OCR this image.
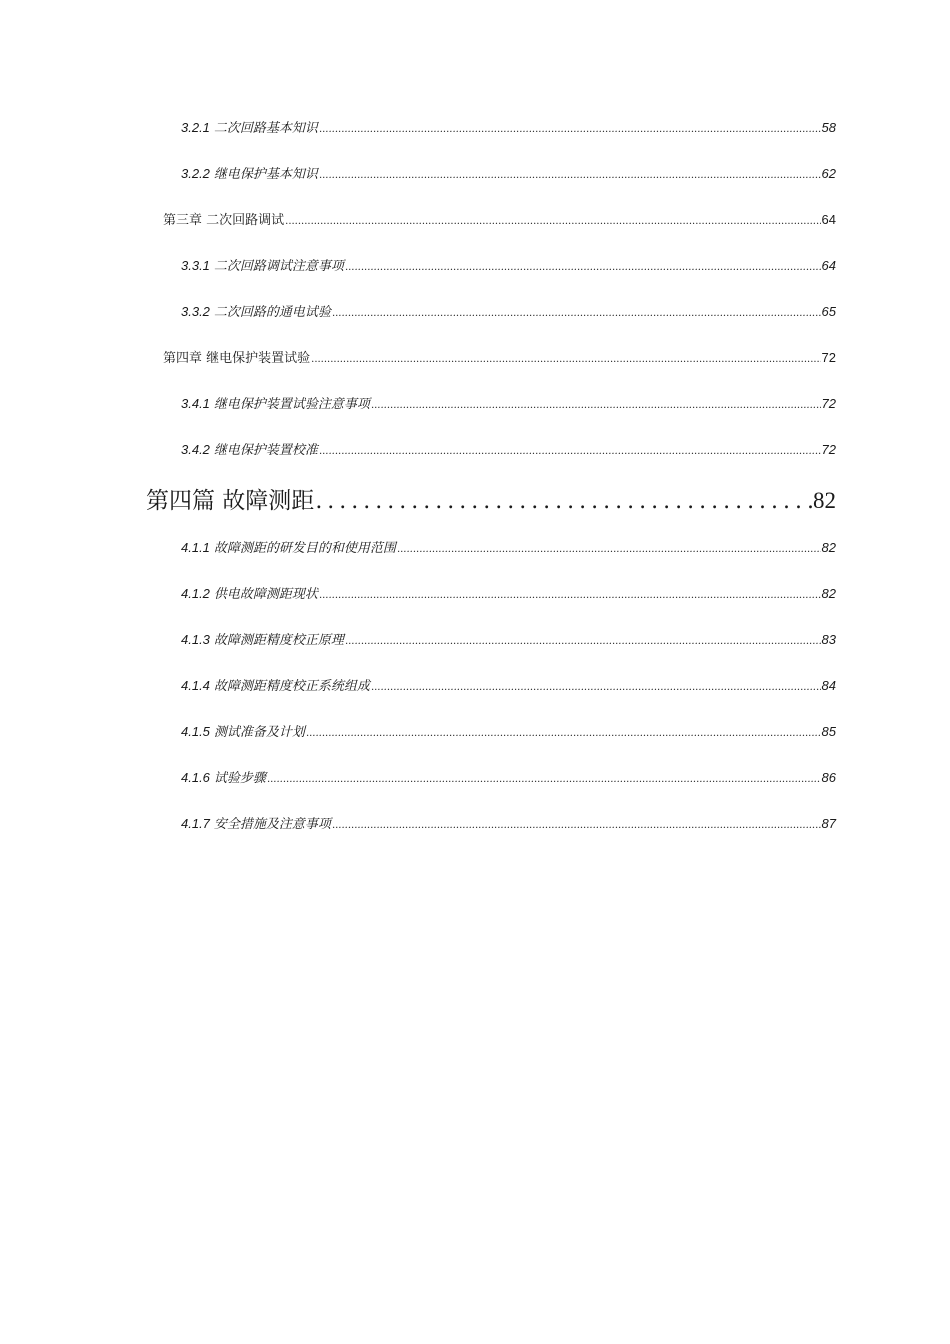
3.2.1 二次回路基本知识 .....	58
3.2.2 继电保护基本知识 .....	62
第三章 二次回路调试 .....	64
3.3.1 二次回路调试注意事项 .....	64
3.3.2 二次回路的通电试验 .....	65
第四章 继电保护装置试验 .....	72
3.4.1 继电保护装置试验注意事项 .....	72
3.4.2 继电保护装置校准 .....	72
第四篇 故障测距 .....	82
4.1.1 故障测距的研发目的和使用范围 .....	82
4.1.2 供电故障测距现状 .....	82
4.1.3 故障测距精度校正原理 .....	83
4.1.4 故障测距精度校正系统组成 .....	84
4.1.5 测试准备及计划 .....	85
4.1.6 试验步骤 .....	86
4.1.7 安全措施及注意事项 .....	87
